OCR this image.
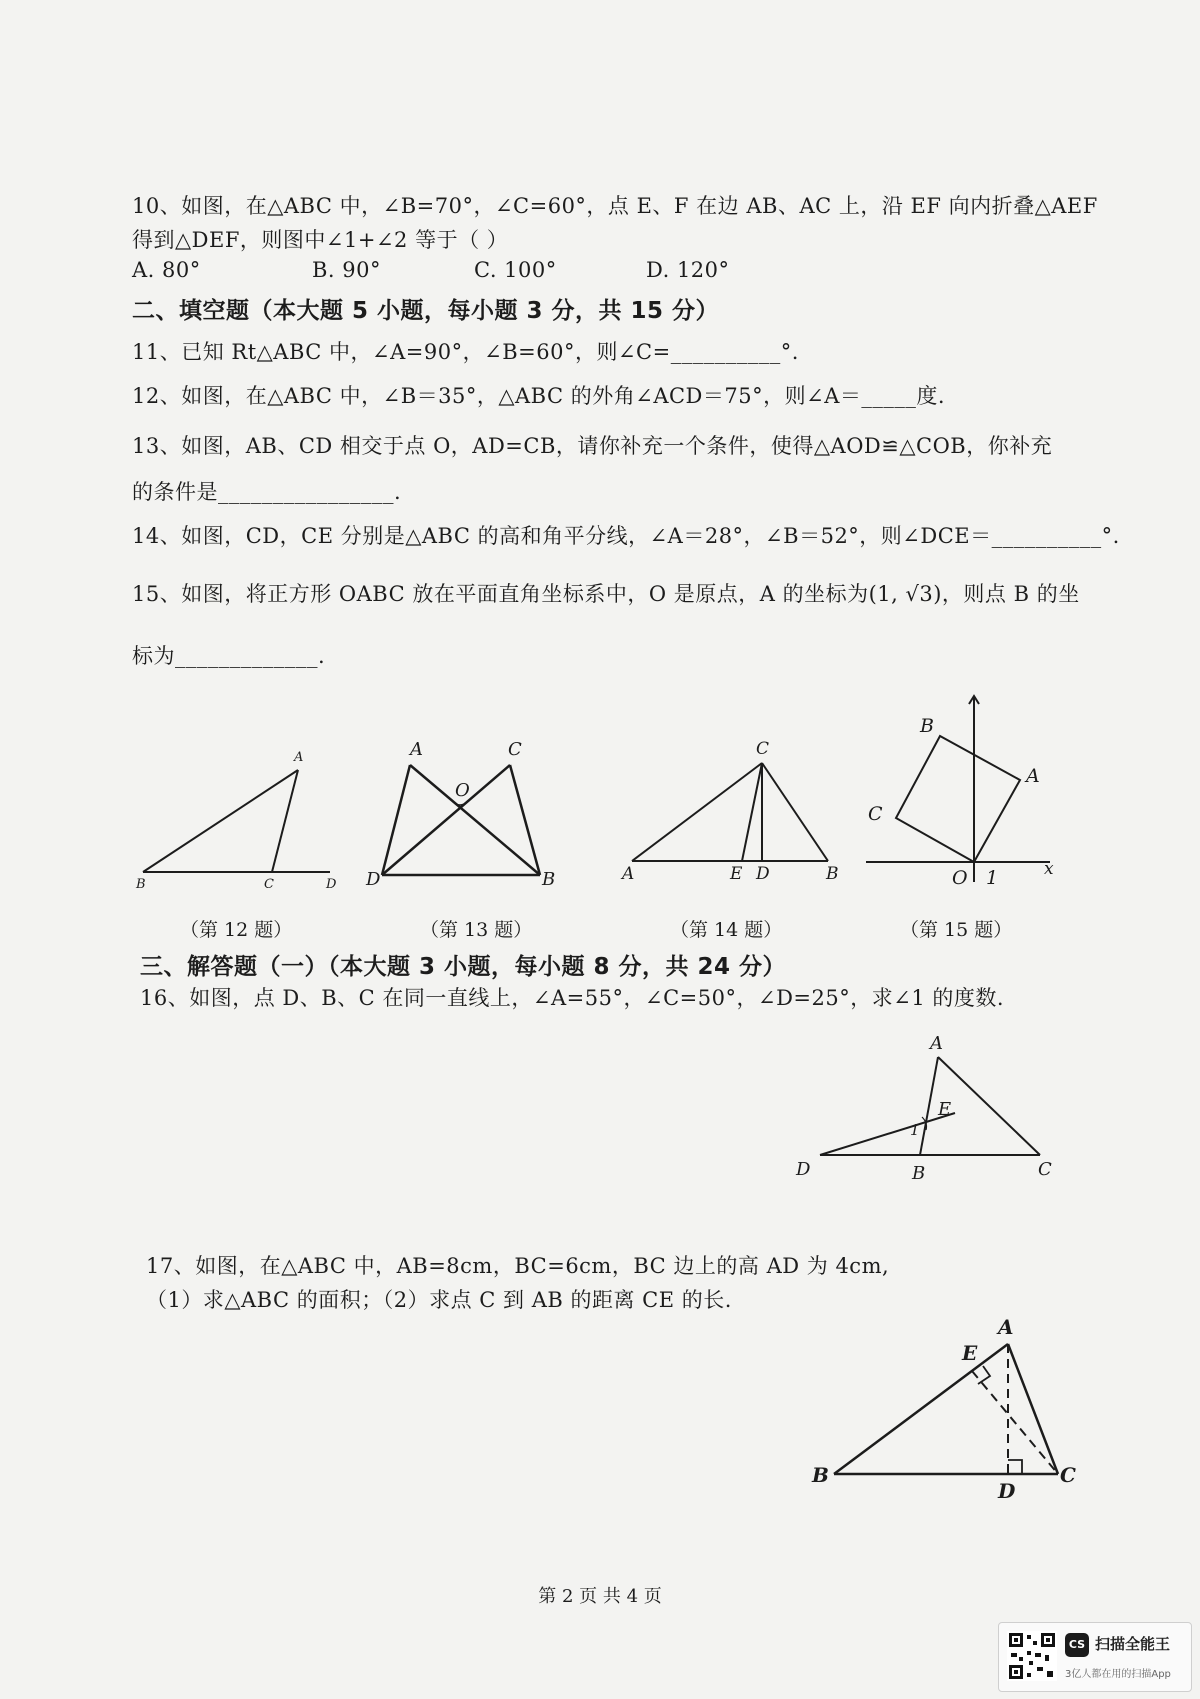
10、如图，在△ABC 中，∠B=70°，∠C=60°，点 E、F 在边 AB、AC 上，沿 EF 向内折叠△AEF
得到△DEF，则图中∠1+∠2 等于（ ）
A. 80°	B. 90°	C. 100°	D. 120°
二、填空题（本大题 5 小题，每小题 3 分，共 15 分）
11、已知 Rt△ABC 中，∠A=90°，∠B=60°，则∠C=__________°.
12、如图，在△ABC 中，∠B＝35°，△ABC 的外角∠ACD＝75°，则∠A＝_____度.
13、如图，AB、CD 相交于点 O，AD=CB，请你补充一个条件，使得△AOD≌△COB，你补充
的条件是________________.
14、如图，CD，CE 分别是△ABC 的高和角平分线，∠A＝28°，∠B＝52°，则∠DCE＝__________°.
15、如图，将正方形 OABC 放在平面直角坐标系中，O 是原点，A 的坐标为(1, √3)，则点 B 的坐
标为_____________.
A
B	C	D
A	C
O
D	B
C
A	E D	B
B
A
C
O 1	x
（第 12 题）	（第 13 题）	（第 14 题）	（第 15 题）
三、解答题（一）（本大题 3 小题，每小题 8 分，共 24 分）
16、如图，点 D、B、C 在同一直线上，∠A=55°，∠C=50°，∠D=25°，求∠1 的度数.
A
E
1
D	B	C
17、如图，在△ABC 中，AB=8cm，BC=6cm，BC 边上的高 AD 为 4cm,
（1）求△ABC 的面积；（2）求点 C 到 AB 的距离 CE 的长.
A
E
B
D
C
第 2 页 共 4 页
CS 扫描全能王
3亿人都在用的扫描App
